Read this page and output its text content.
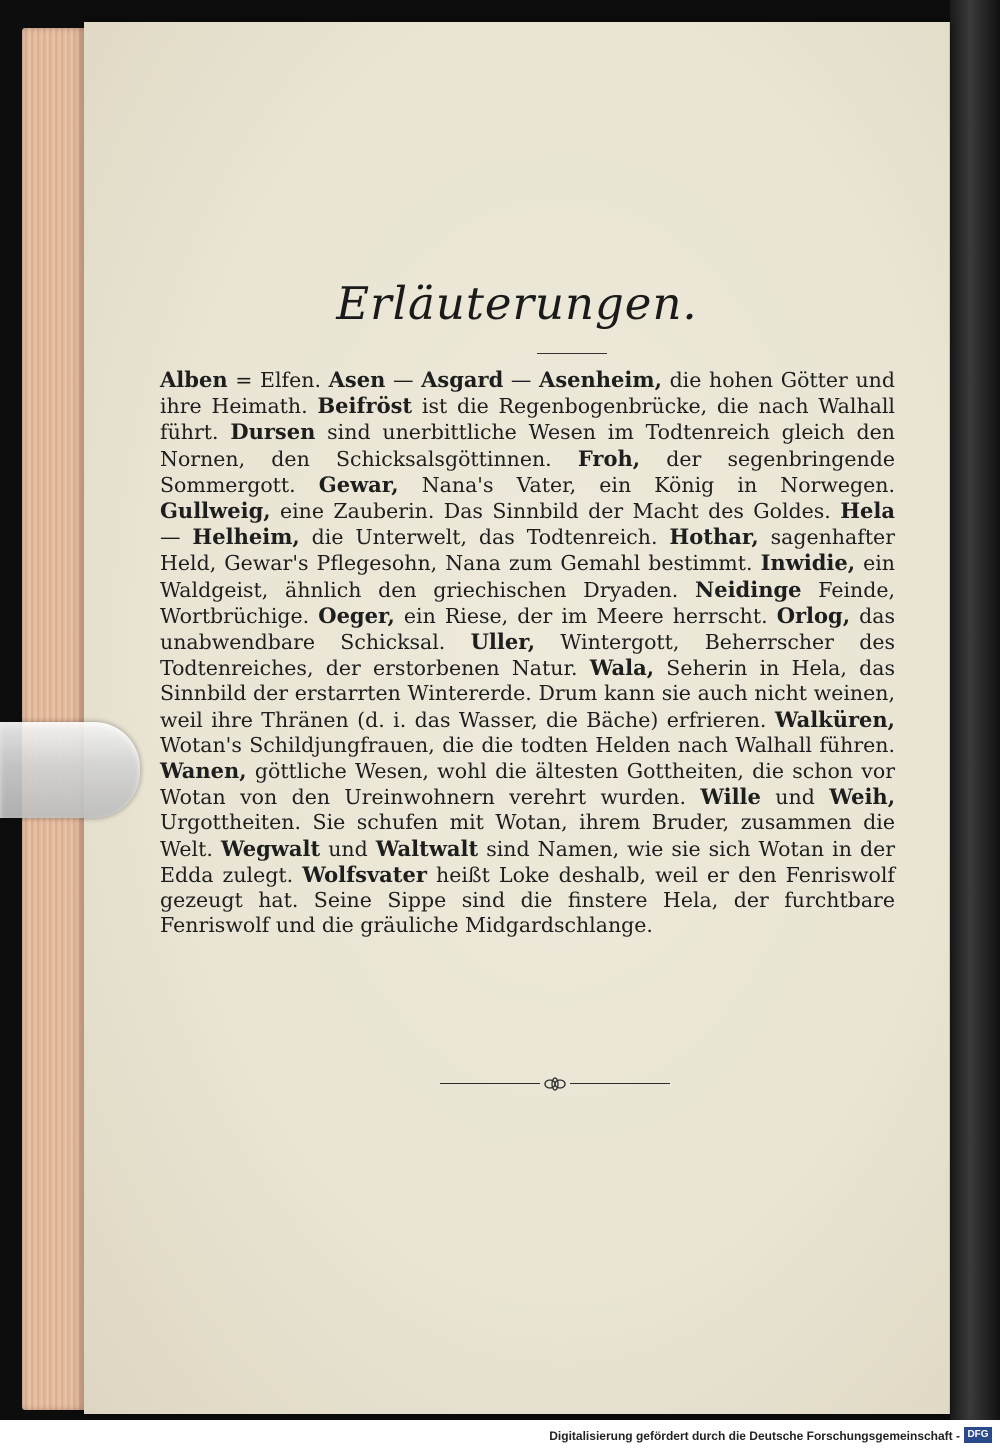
Erläuterungen.

Alben = Elfen. Asen — Asgard — Asenheim, die hohen Götter und ihre Heimath. Beifröst ist die Regenbogenbrücke, die nach Walhall führt. Dursen sind unerbittliche Wesen im Todtenreich gleich den Nornen, den Schicksalsgöttinnen. Froh, der segenbringende Sommergott. Gewar, Nana's Vater, ein König in Norwegen. Gullweig, eine Zauberin. Das Sinnbild der Macht des Goldes. Hela — Helheim, die Unterwelt, das Todtenreich. Hothar, sagenhafter Held, Gewar's Pflegesohn, Nana zum Gemahl bestimmt. Inwidie, ein Waldgeist, ähnlich den griechischen Dryaden. Neidinge Feinde, Wortbrüchige. Oeger, ein Riese, der im Meere herrscht. Orlog, das unabwendbare Schicksal. Uller, Wintergott, Beherrscher des Todtenreiches, der erstorbenen Natur. Wala, Seherin in Hela, das Sinnbild der erstarrten Wintererde. Drum kann sie auch nicht weinen, weil ihre Thränen (d. i. das Wasser, die Bäche) erfrieren. Walküren, Wotan's Schildjungfrauen, die die todten Helden nach Walhall führen. Wanen, göttliche Wesen, wohl die ältesten Gottheiten, die schon vor Wotan von den Ureinwohnern verehrt wurden. Wille und Weih, Urgottheiten. Sie schufen mit Wotan, ihrem Bruder, zusammen die Welt. Wegwalt und Waltwalt sind Namen, wie sie sich Wotan in der Edda zulegt. Wolfsvater heißt Loke deshalb, weil er den Fenriswolf gezeugt hat. Seine Sippe sind die finstere Hela, der furchtbare Fenriswolf und die gräuliche Midgardschlange.

Digitalisierung gefördert durch die Deutsche Forschungsgemeinschaft - DFG
